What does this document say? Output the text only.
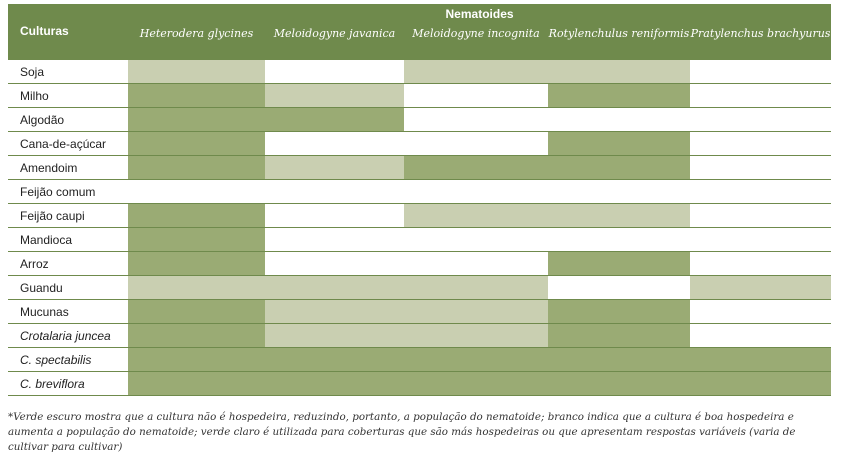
Culturas	Nematoides				
	Heterodera glycines	Meloidogyne javanica	Meloidogyne incognita	Rotylenchulus reniformis	Pratylenchus brachyurus
Soja					
Milho					
Algodão					
Cana-de-açúcar					
Amendoim					
Feijão comum					
Feijão caupi					
Mandioca					
Arroz					
Guandu					
Mucunas					
Crotalaria juncea					
C. spectabilis					
C. breviflora					
*Verde escuro mostra que a cultura não é hospedeira, reduzindo, portanto, a população do nematoide; branco indica que a cultura é boa hospedeira e aumenta a população do nematoide; verde claro é utilizada para coberturas que são más hospedeiras ou que apresentam respostas variáveis (varia de cultivar para cultivar)
